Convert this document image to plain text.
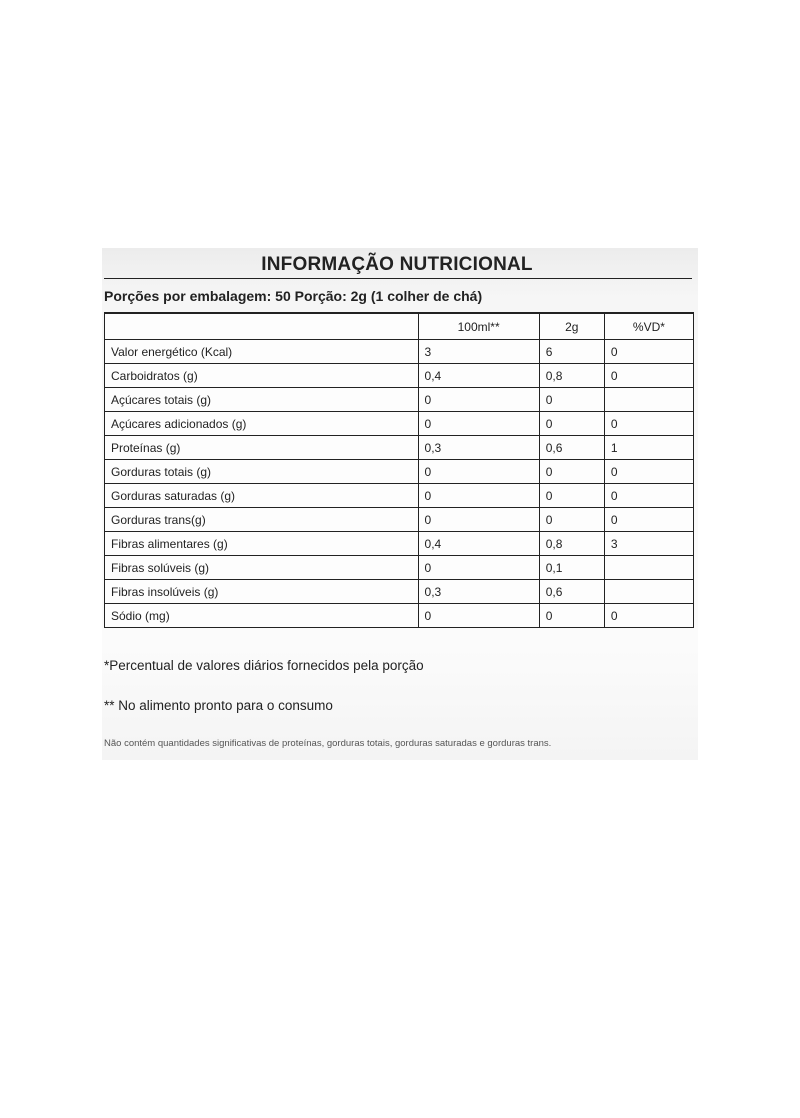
INFORMAÇÃO NUTRICIONAL
Porções por embalagem: 50 Porção: 2g (1 colher de chá)
	100ml**	2g	%VD*
Valor energético (Kcal)	3	6	0
Carboidratos (g)	0,4	0,8	0
Açúcares totais (g)	0	0	
Açúcares adicionados (g)	0	0	0
Proteínas (g)	0,3	0,6	1
Gorduras totais (g)	0	0	0
Gorduras saturadas (g)	0	0	0
Gorduras trans(g)	0	0	0
Fibras alimentares (g)	0,4	0,8	3
Fibras solúveis (g)	0	0,1	
Fibras insolúveis (g)	0,3	0,6	
Sódio (mg)	0	0	0
*Percentual de valores diários fornecidos pela porção
** No alimento pronto para o consumo
Não contém quantidades significativas de proteínas, gorduras totais, gorduras saturadas e gorduras trans.
